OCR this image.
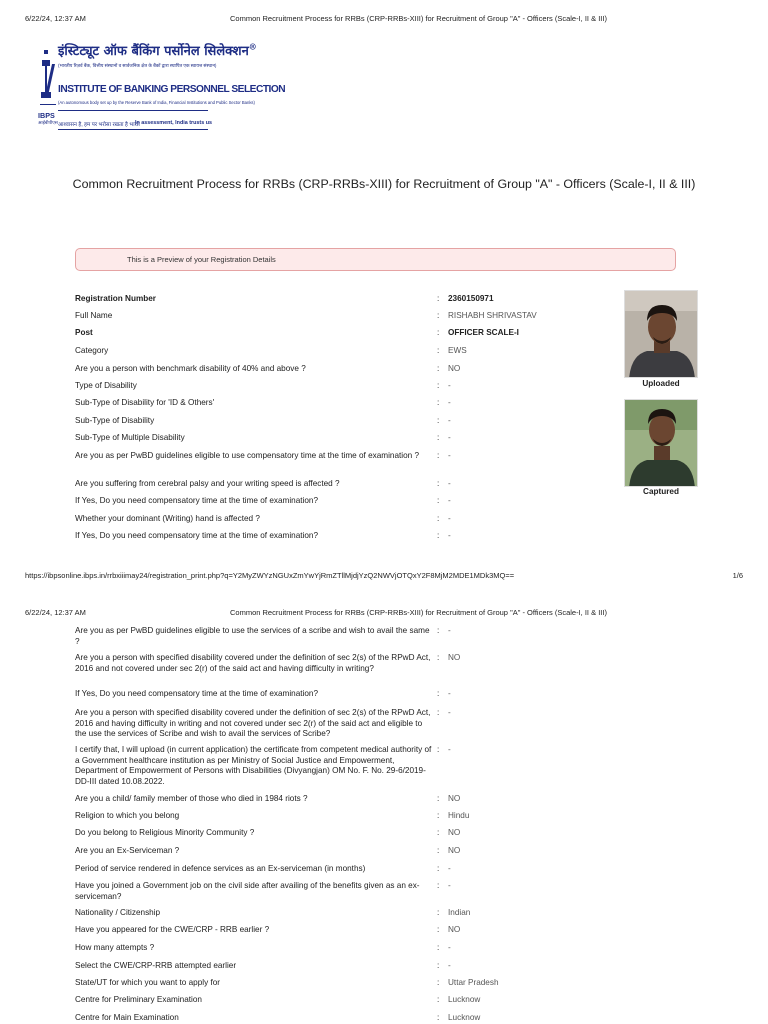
6/22/24, 12:37 AM	Common Recruitment Process for RRBs (CRP-RRBs-XIII) for Recruitment of Group "A" - Officers (Scale-I, II & III)
इंस्टिट्यूट ऑफ बैंकिंग पर्सोनेल सिलेक्शन®
(भारतीय रिज़र्व बैंक, वित्तीय संस्थानों व सार्वजनिक क्षेत्र के बैंकों द्वारा स्थापित एक स्वायत्त संस्थान)
INSTITUTE OF BANKING PERSONNEL SELECTION
(An autonomous body set up by the Reserve Bank of India, Financial Institutions and Public Sector Banks)
IBPS
आईबीपीएस आश्वासन है, हम पर भरोसा रखता है भारत
In assessment, India trusts us
Common Recruitment Process for RRBs (CRP-RRBs-XIII) for Recruitment of Group "A" - Officers (Scale-I, II & III)
This is a Preview of your Registration Details
Registration Number	: 2360150971
Full Name	: RISHABH SHRIVASTAV
Post	: OFFICER SCALE-I
Category	: EWS
Are you a person with benchmark disability of 40% and above ?	: NO
Type of Disability	: -
Sub-Type of Disability for 'ID & Others'	: -
Sub-Type of Disability	: -
Sub-Type of Multiple Disability	: -
Are you as per PwBD guidelines eligible to use compensatory time at the time of examination ?	: -
Are you suffering from cerebral palsy and your writing speed is affected ?	: -
If Yes, Do you need compensatory time at the time of examination?	: -
Whether your dominant (Writing) hand is affected ?	: -
If Yes, Do you need compensatory time at the time of examination?	: -
Uploaded
Captured
https://ibpsonline.ibps.in/rrbxiiimay24/registration_print.php?q=Y2MyZWYzNGUxZmYwYjRmZTllMjdjYzQ2NWVjOTQxY2F8MjM2MDE1MDk3MQ==	1/6
6/22/24, 12:37 AM	Common Recruitment Process for RRBs (CRP-RRBs-XIII) for Recruitment of Group "A" - Officers (Scale-I, II & III)
Are you as per PwBD guidelines eligible to use the services of a scribe and wish to avail the same ?
: -
Are you a person with specified disability covered under the definition of sec 2(s) of the RPwD Act, 2016 and not covered under sec 2(r) of the said act and having difficulty in writing?
: NO
If Yes, Do you need compensatory time at the time of examination?	: -
Are you a person with specified disability covered under the definition of sec 2(s) of the RPwD Act, 2016 and having difficulty in writing and not covered under sec 2(r) of the said act and eligible to the use the services of Scribe and wish to avail the services of Scribe?
: -
I certify that, I will upload (in current application) the certificate from competent medical authority of a Government healthcare institution as per Ministry of Social Justice and Empowerment, Department of Empowerment of Persons with Disabilities (Divyangjan) OM No. F. No. 29-6/2019-DD-III dated 10.08.2022.
: -
Are you a child/ family member of those who died in 1984 riots ?	: NO
Religion to which you belong	: Hindu
Do you belong to Religious Minority Community ?	: NO
Are you an Ex-Serviceman ?	: NO
Period of service rendered in defence services as an Ex-serviceman (in months)	: -
Have you joined a Government job on the civil side after availing of the benefits given as an ex-serviceman?
: -
Nationality / Citizenship	: Indian
Have you appeared for the CWE/CRP - RRB earlier ?	: NO
How many attempts ?	: -
Select the CWE/CRP-RRB attempted earlier	: -
State/UT for which you want to apply for	: Uttar Pradesh
Centre for Preliminary Examination	: Lucknow
Centre for Main Examination	: Lucknow
